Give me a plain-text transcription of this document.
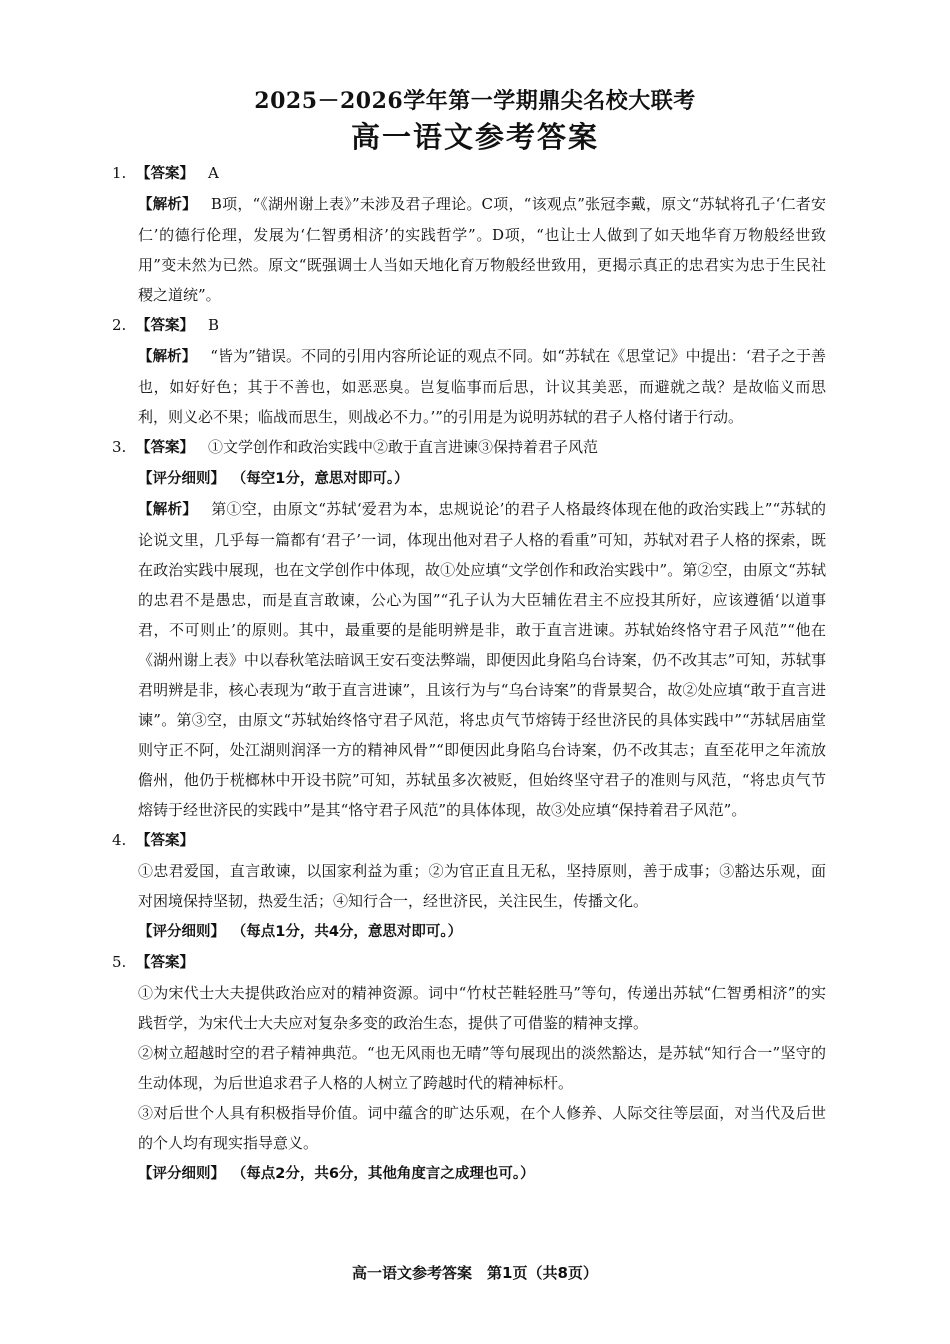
2025－2026学年第一学期鼎尖名校大联考
高一语文参考答案
1. 【答案】 A
【解析】 B项，“《湖州谢上表》”未涉及君子理论。C项，“该观点”张冠李戴，原文“苏轼将孔子‘仁者安仁’的德行伦理，发展为‘仁智勇相济’的实践哲学”。D项，“也让士人做到了如天地华育万物般经世致用”变未然为已然。原文“既强调士人当如天地化育万物般经世致用，更揭示真正的忠君实为忠于生民社稷之道统”。
2. 【答案】 B
【解析】 “皆为”错误。不同的引用内容所论证的观点不同。如“苏轼在《思堂记》中提出：‘君子之于善也，如好好色；其于不善也，如恶恶臭。岂复临事而后思，计议其美恶，而避就之哉？是故临义而思利，则义必不果；临战而思生，则战必不力。’”的引用是为说明苏轼的君子人格付诸于行动。
3. 【答案】 ①文学创作和政治实践中②敢于直言进谏③保持着君子风范
【评分细则】 （每空1分，意思对即可。）
【解析】 第①空，由原文“苏轼‘爱君为本，忠规说论’的君子人格最终体现在他的政治实践上”“苏轼的论说文里，几乎每一篇都有‘君子’一词，体现出他对君子人格的看重”可知，苏轼对君子人格的探索，既在政治实践中展现，也在文学创作中体现，故①处应填“文学创作和政治实践中”。第②空，由原文“苏轼的忠君不是愚忠，而是直言敢谏，公心为国”“孔子认为大臣辅佐君主不应投其所好，应该遵循‘以道事君，不可则止’的原则。其中，最重要的是能明辨是非，敢于直言进谏。苏轼始终恪守君子风范”“他在《湖州谢上表》中以春秋笔法暗讽王安石变法弊端，即便因此身陷乌台诗案，仍不改其志”可知，苏轼事君明辨是非，核心表现为“敢于直言进谏”，且该行为与“乌台诗案”的背景契合，故②处应填“敢于直言进谏”。第③空，由原文“苏轼始终恪守君子风范，将忠贞气节熔铸于经世济民的具体实践中”“苏轼居庙堂则守正不阿，处江湖则润泽一方的精神风骨”“即便因此身陷乌台诗案，仍不改其志；直至花甲之年流放儋州，他仍于桄榔林中开设书院”可知，苏轼虽多次被贬，但始终坚守君子的准则与风范，“将忠贞气节熔铸于经世济民的实践中”是其“恪守君子风范”的具体体现，故③处应填“保持着君子风范”。
4. 【答案】
①忠君爱国，直言敢谏，以国家利益为重；②为官正直且无私，坚持原则，善于成事；③豁达乐观，面对困境保持坚韧，热爱生活；④知行合一，经世济民，关注民生，传播文化。
【评分细则】 （每点1分，共4分，意思对即可。）
5. 【答案】
①为宋代士大夫提供政治应对的精神资源。词中“竹杖芒鞋轻胜马”等句，传递出苏轼“仁智勇相济”的实践哲学，为宋代士大夫应对复杂多变的政治生态，提供了可借鉴的精神支撑。
②树立超越时空的君子精神典范。“也无风雨也无晴”等句展现出的淡然豁达，是苏轼“知行合一”坚守的生动体现，为后世追求君子人格的人树立了跨越时代的精神标杆。
③对后世个人具有积极指导价值。词中蕴含的旷达乐观，在个人修养、人际交往等层面，对当代及后世的个人均有现实指导意义。
【评分细则】 （每点2分，共6分，其他角度言之成理也可。）
高一语文参考答案　第1页（共8页）
